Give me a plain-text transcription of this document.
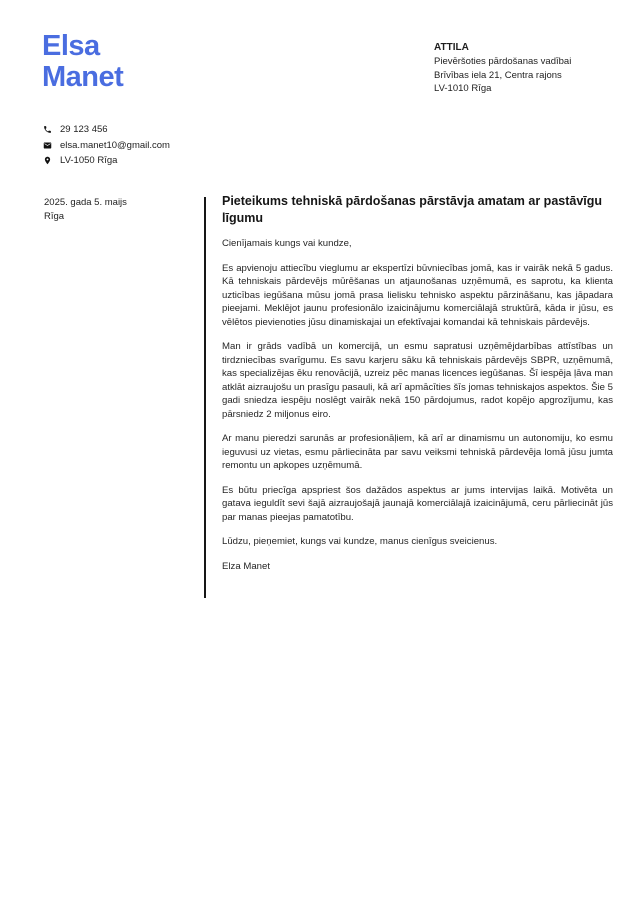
Elsa
Manet
ATTILA
Pievēršoties pārdošanas vadībai
Brīvības iela 21, Centra rajons
LV-1010 Rīga
29 123 456
elsa.manet10@gmail.com
LV-1050 Rīga
2025. gada 5. maijs
Rīga
Pieteikums tehniskā pārdošanas pārstāvja amatam ar pastāvīgu līgumu

Cienījamais kungs vai kundze,

Es apvienoju attiecību vieglumu ar ekspertīzi būvniecības jomā, kas ir vairāk nekā 5 gadus. Kā tehniskais pārdevējs mūrēšanas un atjaunošanas uzņēmumā, es saprotu, ka klienta uzticības iegūšana mūsu jomā prasa lielisku tehnisko aspektu pārzināšanu, kas jāpadara pieejami. Meklējot jaunu profesionālo izaicinājumu komerciālajā struktūrā, kāda ir jūsu, es vēlētos pievienoties jūsu dinamiskajai un efektīvajai komandai kā tehniskais pārdevējs.

Man ir grāds vadībā un komercijā, un esmu sapratusi uzņēmējdarbības attīstības un tirdzniecības svarīgumu. Es savu karjeru sāku kā tehniskais pārdevējs SBPR, uzņēmumā, kas specializējas ēku renovācijā, uzreiz pēc manas licences iegūšanas. Šī iespēja ļāva man atklāt aizraujošu un prasīgu pasauli, kā arī apmācīties šīs jomas tehniskajos aspektos. Šie 5 gadi sniedza iespēju noslēgt vairāk nekā 150 pārdojumus, radot kopējo apgrozījumu, kas pārsniedz 2 miljonus eiro.

Ar manu pieredzi sarunās ar profesionāļiem, kā arī ar dinamismu un autonomiju, ko esmu ieguvusi uz vietas, esmu pārliecināta par savu veiksmi tehniskā pārdevēja lomā jūsu jumta remontu un apkopes uzņēmumā.

Es būtu priecīga apspriest šos dažādos aspektus ar jums intervijas laikā. Motivēta un gatava ieguldīt sevi šajā aizraujošajā jaunajā komerciālajā izaicinājumā, ceru pārliecināt jūs par manas pieejas pamatotību.

Lūdzu, pieņemiet, kungs vai kundze, manus cienīgus sveicienus.

Elza Manet
